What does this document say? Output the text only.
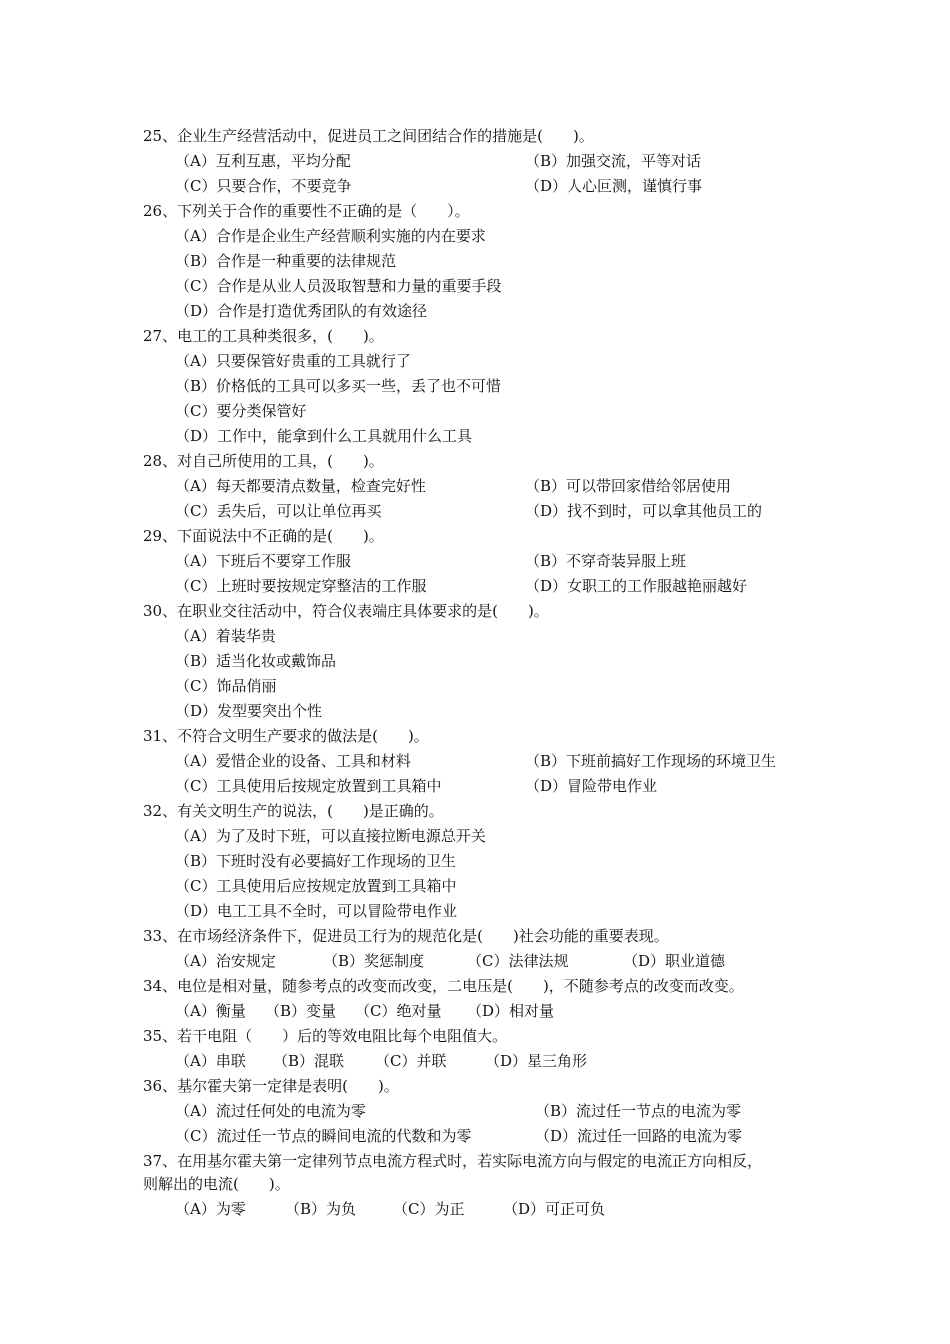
25、企业生产经营活动中，促进员工之间团结合作的措施是(　　)。
（A）互利互惠，平均分配	（B）加强交流，平等对话
（C）只要合作，不要竞争	（D）人心叵测，谨慎行事
26、下列关于合作的重要性不正确的是（　　）。
（A）合作是企业生产经营顺利实施的内在要求
（B）合作是一种重要的法律规范
（C）合作是从业人员汲取智慧和力量的重要手段
（D）合作是打造优秀团队的有效途径
27、电工的工具种类很多，(　　)。
（A）只要保管好贵重的工具就行了
（B）价格低的工具可以多买一些，丢了也不可惜
（C）要分类保管好
（D）工作中，能拿到什么工具就用什么工具
28、对自己所使用的工具，(　　)。
（A）每天都要清点数量，检查完好性	（B）可以带回家借给邻居使用
（C）丢失后，可以让单位再买	（D）找不到时，可以拿其他员工的
29、下面说法中不正确的是(　　)。
（A）下班后不要穿工作服	（B）不穿奇装异服上班
（C）上班时要按规定穿整洁的工作服	（D）女职工的工作服越艳丽越好
30、在职业交往活动中，符合仪表端庄具体要求的是(　　)。
（A）着装华贵
（B）适当化妆或戴饰品
（C）饰品俏丽
（D）发型要突出个性
31、不符合文明生产要求的做法是(　　)。
（A）爱惜企业的设备、工具和材料	（B）下班前搞好工作现场的环境卫生
（C）工具使用后按规定放置到工具箱中	（D）冒险带电作业
32、有关文明生产的说法，(　　)是正确的。
（A）为了及时下班，可以直接拉断电源总开关
（B）下班时没有必要搞好工作现场的卫生
（C）工具使用后应按规定放置到工具箱中
（D）电工工具不全时，可以冒险带电作业
33、在市场经济条件下，促进员工行为的规范化是(　　)社会功能的重要表现。
（A）治安规定	（B）奖惩制度	（C）法律法规	（D）职业道德
34、电位是相对量，随参考点的改变而改变，二电压是(　　)，不随参考点的改变而改变。
（A）衡量 （B）变量 （C）绝对量 （D）相对量
35、若干电阻（　　）后的等效电阻比每个电阻值大。
（A）串联 （B）混联 （C）并联	（D）星三角形
36、基尔霍夫第一定律是表明(　　)。
（A）流过任何处的电流为零	（B）流过任一节点的电流为零
（C）流过任一节点的瞬间电流的代数和为零	（D）流过任一回路的电流为零
37、在用基尔霍夫第一定律列节点电流方程式时，若实际电流方向与假定的电流正方向相反，
则解出的电流(　　)。
（A）为零	（B）为负 （C）为正	（D）可正可负
